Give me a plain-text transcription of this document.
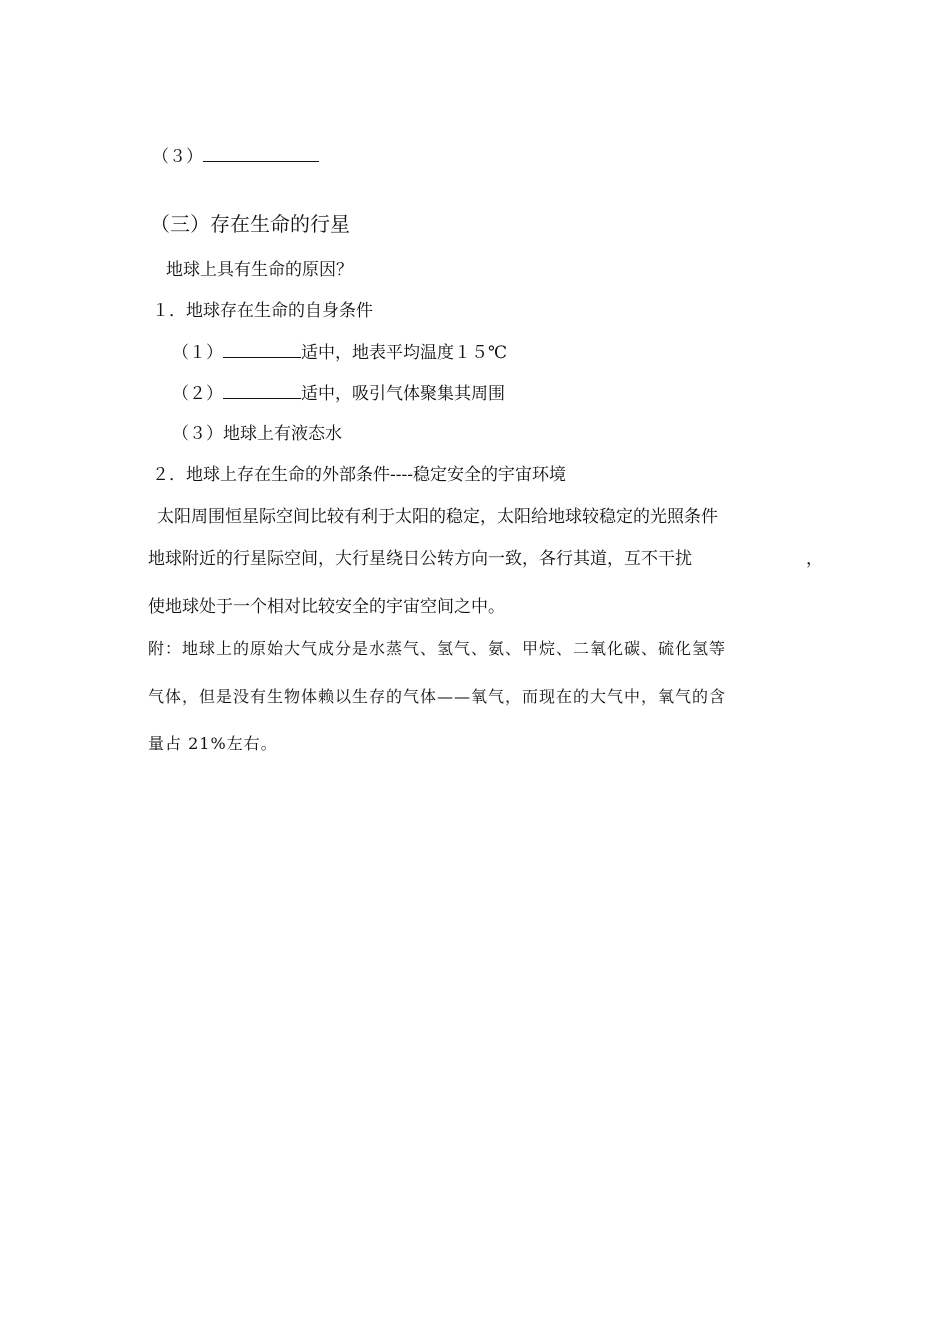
（３）
（三）存在生命的行星
地球上具有生命的原因？
１．地球存在生命的自身条件
（１）	适中，地表平均温度１５℃
（２）	适中，吸引气体聚集其周围
（３）地球上有液态水
２．地球上存在生命的外部条件----稳定安全的宇宙环境
太阳周围恒星际空间比较有利于太阳的稳定，太阳给地球较稳定的光照条件
地球附近的行星际空间，大行星绕日公转方向一致，各行其道，互不干扰	，
使地球处于一个相对比较安全的宇宙空间之中。
附：地球上的原始大气成分是水蒸气、氢气、氨、甲烷、二氧化碳、硫化氢等
气体，但是没有生物体赖以生存的气体——氧气，而现在的大气中，氧气的含
量占 21%左右。
